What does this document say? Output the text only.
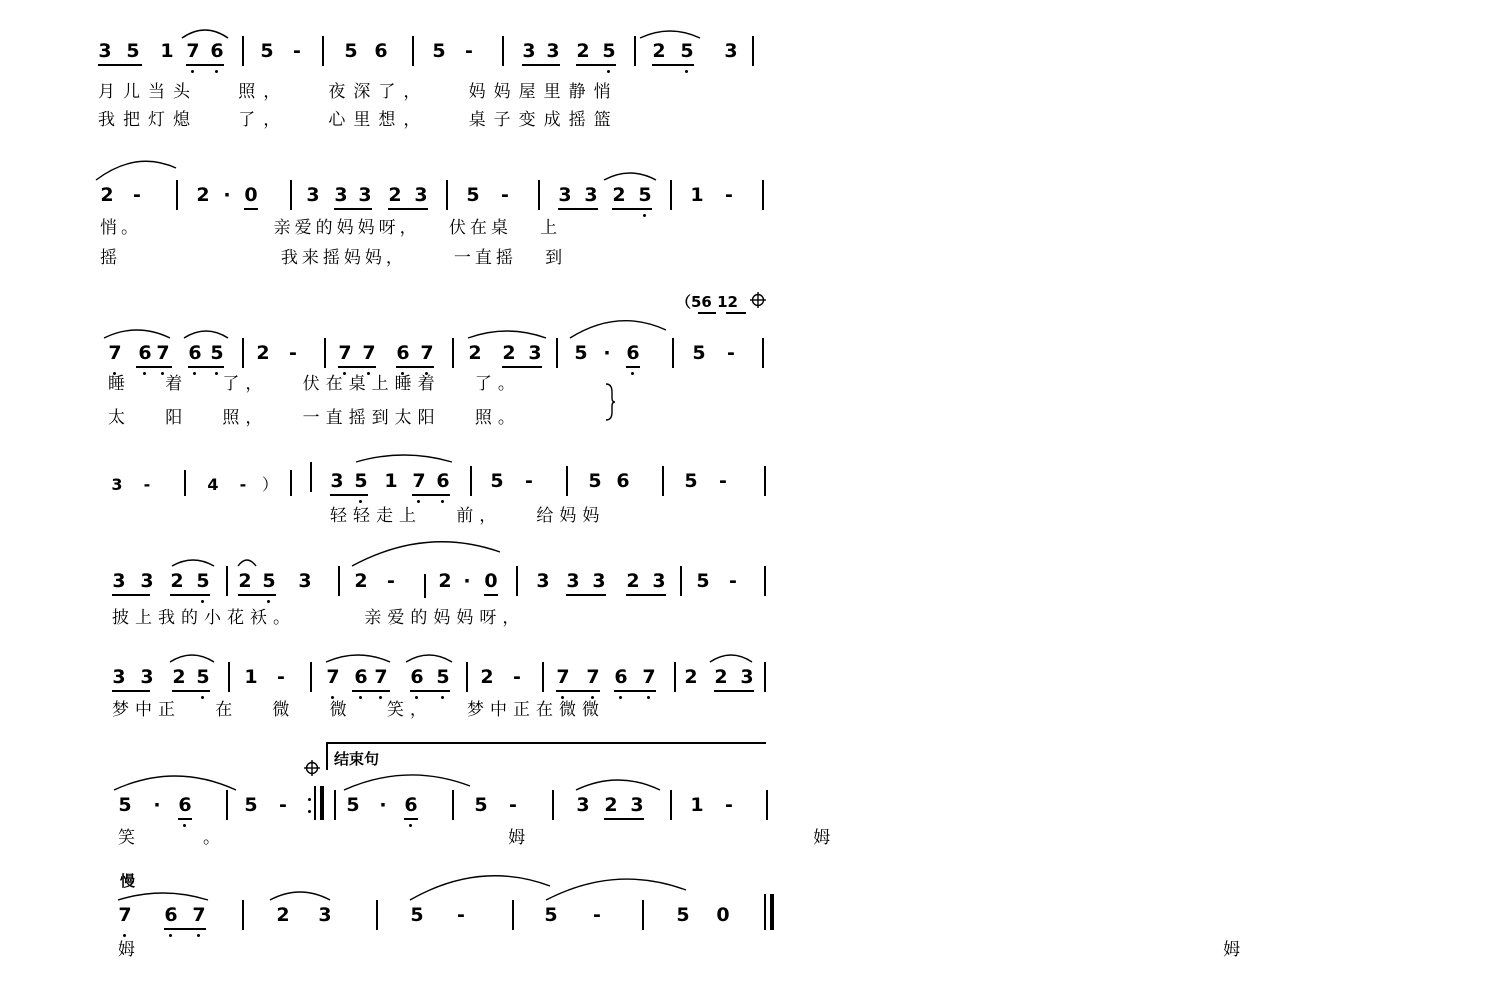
3 5 1 7 6 5 - 5 6 5 -	3 3 2 5 2 5 3
月儿当头   照，   夜深了，   妈妈屋里静悄
我把灯熄   了，   心里想，   桌子变成摇篮
2 -	2 · 0	3 3 3 2 3 5 -	3 3 2 5 1 -
悄。              亲爱的妈妈呀，   伏在桌   上
摇                 我来摇妈妈，     一直摇   到
（56 12
7 6 7 6 5 2 - 7 7 6 7 2 2 3 5 · 6	5 -
睡   着   了，   伏在桌上睡着   了。
太   阳   照，   一直摇到太阳   照。
3 -	4 - ）	3 5 1 7 6 5 -	5 6	5 -
轻轻走上   前，   给妈妈
3 3 2 5 2 5 3 2 - 2 · 0 3 3 3 2 3 5 -
披上我的小花袄。      亲爱的妈妈呀，
3 3 2 5 1 - 7 6 7 6 5 2 - 7 7 6 7 2 2 3
梦中正   在   微   微   笑，   梦中正在微微
结束句
5 · 6	5 -	5 · 6	5 -	3 2 3 1 -
笑。   姆   姆
慢
7 6 7	2 3	5 -	5 -	5 0
姆   姆
